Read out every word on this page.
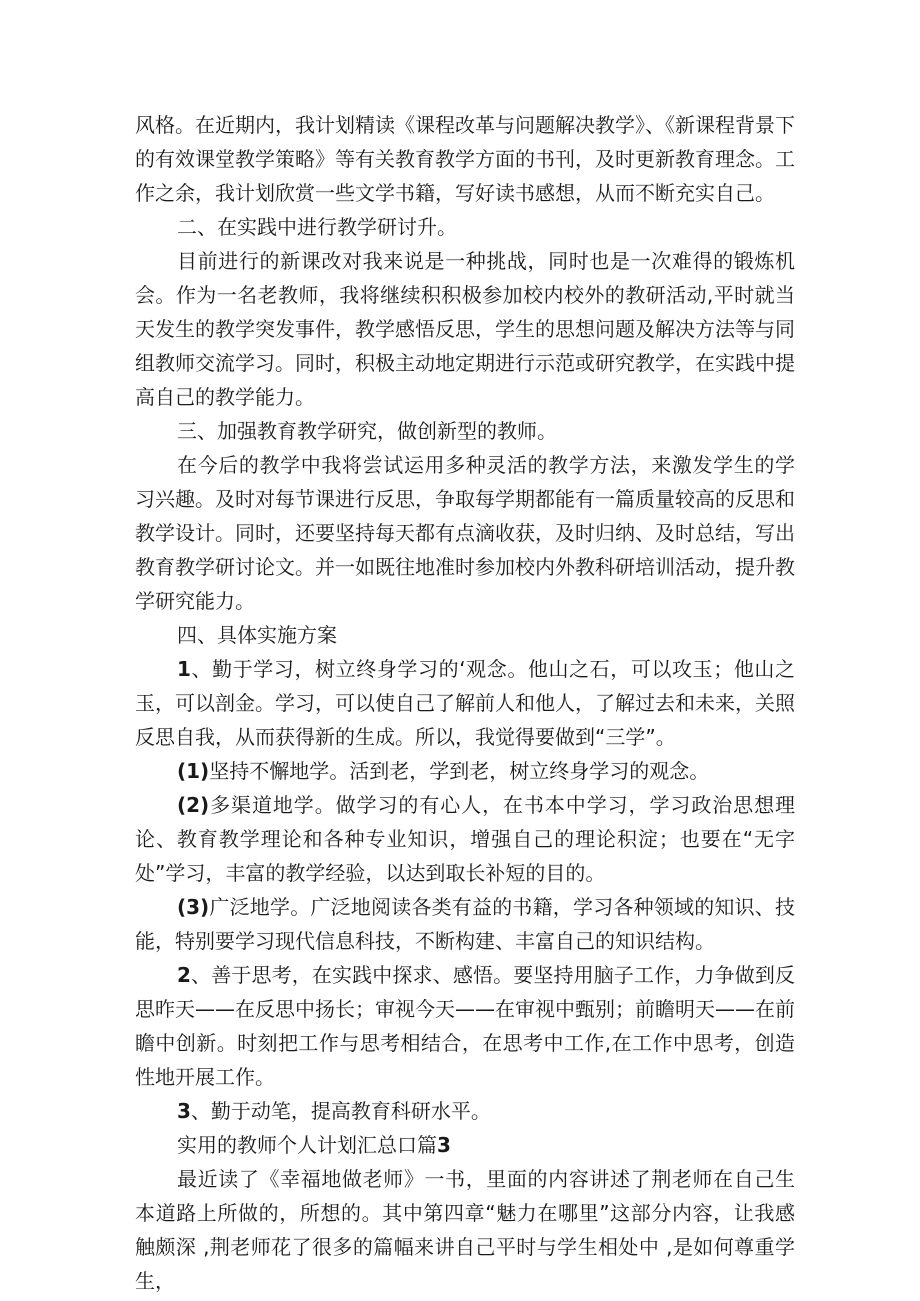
风格。在近期内，我计划精读《课程改革与问题解决教学》、《新课程背景下的有效课堂教学策略》等有关教育教学方面的书刊，及时更新教育理念。工作之余，我计划欣赏一些文学书籍，写好读书感想，从而不断充实自己。

二、在实践中进行教学研讨升。

目前进行的新课改对我来说是一种挑战，同时也是一次难得的锻炼机会。作为一名老教师，我将继续积积极参加校内校外的教研活动,平时就当天发生的教学突发事件，教学感悟反思，学生的思想问题及解决方法等与同组教师交流学习。同时，积极主动地定期进行示范或研究教学，在实践中提高自己的教学能力。

三、加强教育教学研究，做创新型的教师。

在今后的教学中我将尝试运用多种灵活的教学方法，来激发学生的学习兴趣。及时对每节课进行反思，争取每学期都能有一篇质量较高的反思和教学设计。同时，还要坚持每天都有点滴收获，及时归纳、及时总结，写出教育教学研讨论文。并一如既往地准时参加校内外教科研培训活动，提升教学研究能力。

四、具体实施方案

1、勤于学习，树立终身学习的‘观念。他山之石，可以攻玉；他山之玉，可以剖金。学习，可以使自己了解前人和他人，了解过去和未来，关照反思自我，从而获得新的生成。所以，我觉得要做到“三学”。

(1)坚持不懈地学。活到老，学到老，树立终身学习的观念。

(2)多渠道地学。做学习的有心人，在书本中学习，学习政治思想理论、教育教学理论和各种专业知识，增强自己的理论积淀；也要在“无字处”学习，丰富的教学经验，以达到取长补短的目的。

(3)广泛地学。广泛地阅读各类有益的书籍，学习各种领域的知识、技能，特别要学习现代信息科技，不断构建、丰富自己的知识结构。

2、善于思考，在实践中探求、感悟。要坚持用脑子工作，力争做到反思昨天——在反思中扬长；审视今天——在审视中甄别；前瞻明天——在前瞻中创新。时刻把工作与思考相结合，在思考中工作,在工作中思考，创造性地开展工作。

3、勤于动笔，提高教育科研水平。

实用的教师个人计划汇总口篇3

最近读了《幸福地做老师》一书，里面的内容讲述了荆老师在自己生本道路上所做的，所想的。其中第四章“魅力在哪里”这部分内容，让我感触颇深 ,荆老师花了很多的篇幅来讲自己平时与学生相处中 ,是如何尊重学生，
